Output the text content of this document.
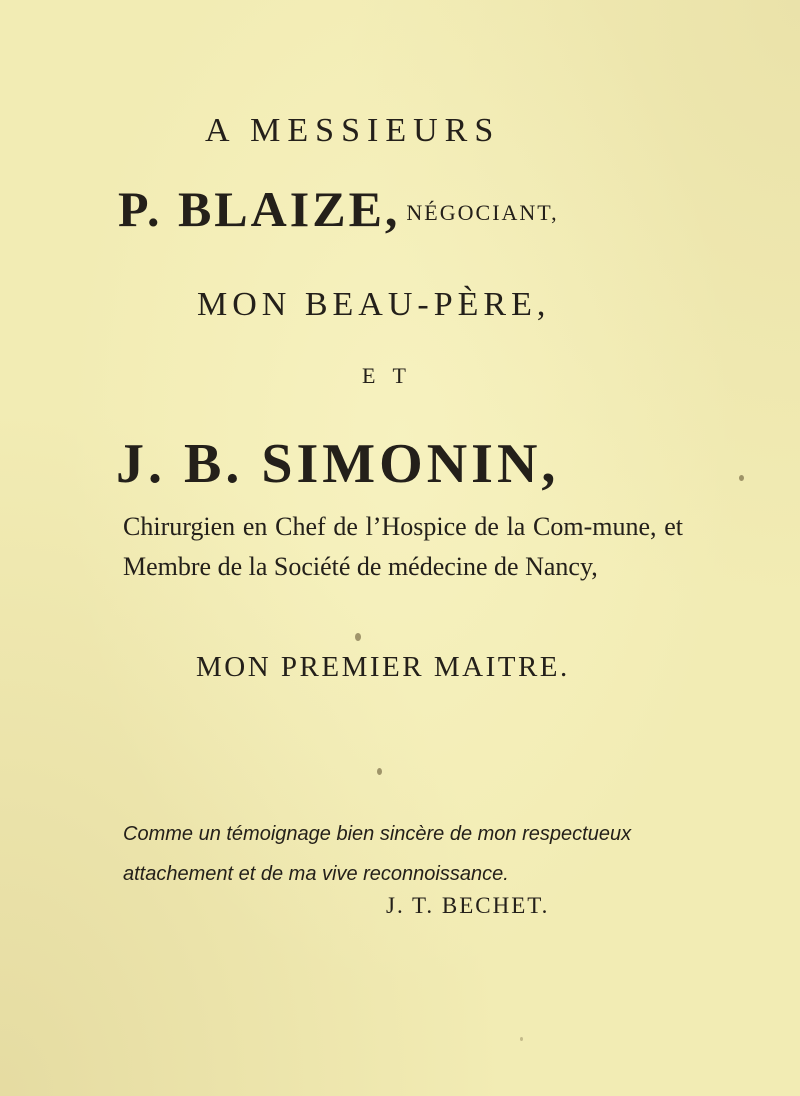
A MESSIEURS

P. BLAIZE, NÉGOCIANT,

MON BEAU-PÈRE,

E T

J. B. SIMONIN,

Chirurgien en Chef de l’Hospice de la Com-mune, et Membre de la Société de médecine de Nancy,

MON PREMIER MAITRE.

Comme un témoignage bien sincère de mon respectueux attachement et de ma vive reconnoissance.

J. T. BECHET.
